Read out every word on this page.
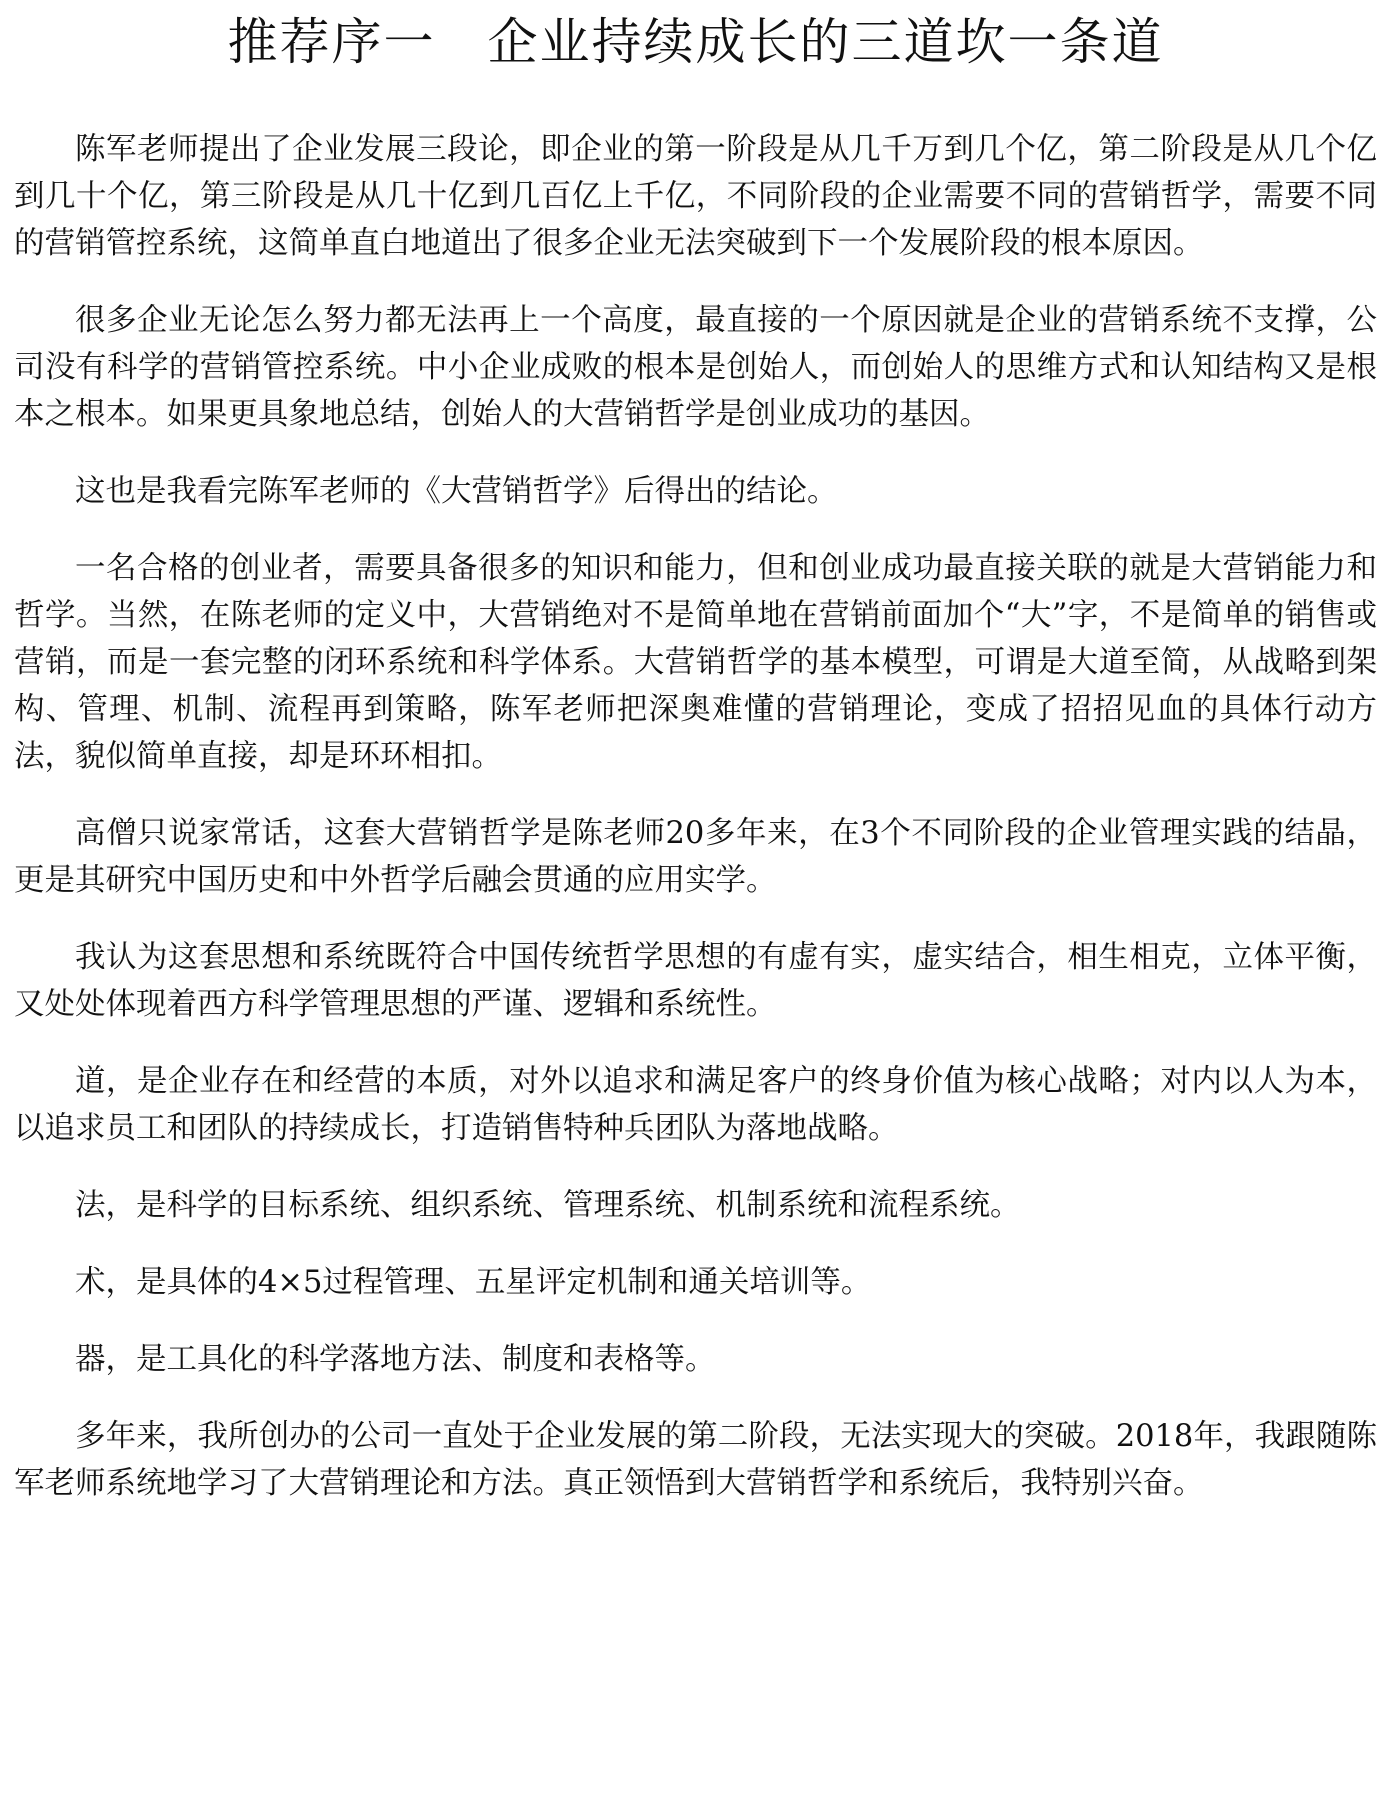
推荐序一　企业持续成长的三道坎一条道

陈军老师提出了企业发展三段论，即企业的第一阶段是从几千万到几个亿，第二阶段是从几个亿到几十个亿，第三阶段是从几十亿到几百亿上千亿，不同阶段的企业需要不同的营销哲学，需要不同的营销管控系统，这简单直白地道出了很多企业无法突破到下一个发展阶段的根本原因。

很多企业无论怎么努力都无法再上一个高度，最直接的一个原因就是企业的营销系统不支撑，公司没有科学的营销管控系统。中小企业成败的根本是创始人，而创始人的思维方式和认知结构又是根本之根本。如果更具象地总结，创始人的大营销哲学是创业成功的基因。

这也是我看完陈军老师的《大营销哲学》后得出的结论。

一名合格的创业者，需要具备很多的知识和能力，但和创业成功最直接关联的就是大营销能力和哲学。当然，在陈老师的定义中，大营销绝对不是简单地在营销前面加个“大”字，不是简单的销售或营销，而是一套完整的闭环系统和科学体系。大营销哲学的基本模型，可谓是大道至简，从战略到架构、管理、机制、流程再到策略，陈军老师把深奥难懂的营销理论，变成了招招见血的具体行动方法，貌似简单直接，却是环环相扣。

高僧只说家常话，这套大营销哲学是陈老师20多年来，在3个不同阶段的企业管理实践的结晶，更是其研究中国历史和中外哲学后融会贯通的应用实学。

我认为这套思想和系统既符合中国传统哲学思想的有虚有实，虚实结合，相生相克，立体平衡，又处处体现着西方科学管理思想的严谨、逻辑和系统性。

道，是企业存在和经营的本质，对外以追求和满足客户的终身价值为核心战略；对内以人为本，以追求员工和团队的持续成长，打造销售特种兵团队为落地战略。

法，是科学的目标系统、组织系统、管理系统、机制系统和流程系统。

术，是具体的4×5过程管理、五星评定机制和通关培训等。

器，是工具化的科学落地方法、制度和表格等。

多年来，我所创办的公司一直处于企业发展的第二阶段，无法实现大的突破。2018年，我跟随陈军老师系统地学习了大营销理论和方法。真正领悟到大营销哲学和系统后，我特别兴奋。
